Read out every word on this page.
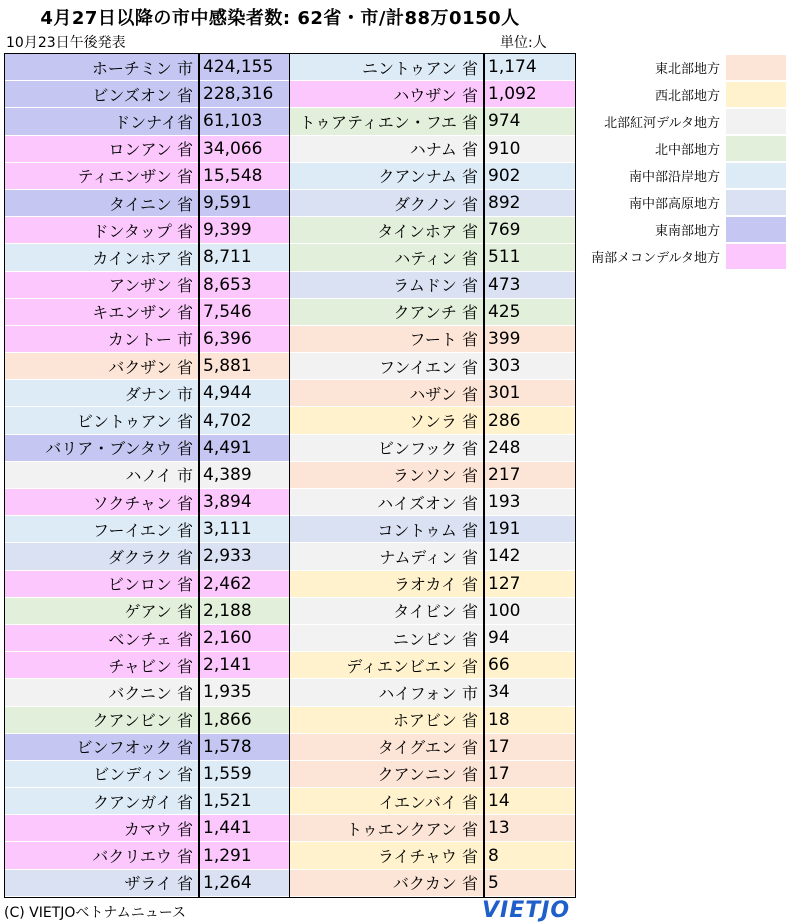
4月27日以降の市中感染者数: 62省・市/計88万0150人
10月23日午後発表	単位:人
ホーチミン 市 424,155
ビンズオン 省 228,316
ドンナイ省 61,103
ロンアン 省 34,066
ティエンザン 省 15,548
タイニン 省 9,591
ドンタップ 省 9,399
カインホア 省 8,711
アンザン 省 8,653
キエンザン 省 7,546
カントー 市 6,396
バクザン 省 5,881
ダナン 市 4,944
ビントゥアン 省 4,702
バリア・ブンタウ 省 4,491
ハノイ 市 4,389
ソクチャン 省 3,894
フーイエン 省 3,111
ダクラク 省 2,933
ビンロン 省 2,462
ゲアン 省 2,188
ベンチェ 省 2,160
チャビン 省 2,141
バクニン 省 1,935
クアンビン 省 1,866
ビンフオック 省 1,578
ビンディン 省 1,559
クアンガイ 省 1,521
カマウ 省 1,441
バクリエウ 省 1,291
ザライ 省 1,264
ニントゥアン 省 1,174
ハウザン 省 1,092
トゥアティエン・フエ 省 974
ハナム 省 910
クアンナム 省 902
ダクノン 省 892
タインホア 省 769
ハティン 省 511
ラムドン 省 473
クアンチ 省 425
フート 省 399
フンイエン 省 303
ハザン 省 301
ソンラ 省 286
ビンフック 省 248
ランソン 省 217
ハイズオン 省 193
コントゥム 省 191
ナムディン 省 142
ラオカイ 省 127
タイビン 省 100
ニンビン 省 94
ディエンビエン 省 66
ハイフォン 市 34
ホアビン 省 18
タイグエン 省 17
クアンニン 省 17
イエンバイ 省 14
トゥエンクアン 省 13
ライチャウ 省 8
バクカン 省 5
東北部地方
西北部地方
北部紅河デルタ地方
北中部地方
南中部沿岸地方
南中部高原地方
東南部地方
南部メコンデルタ地方
(C) VIETJOベトナムニュース	VIETJO
